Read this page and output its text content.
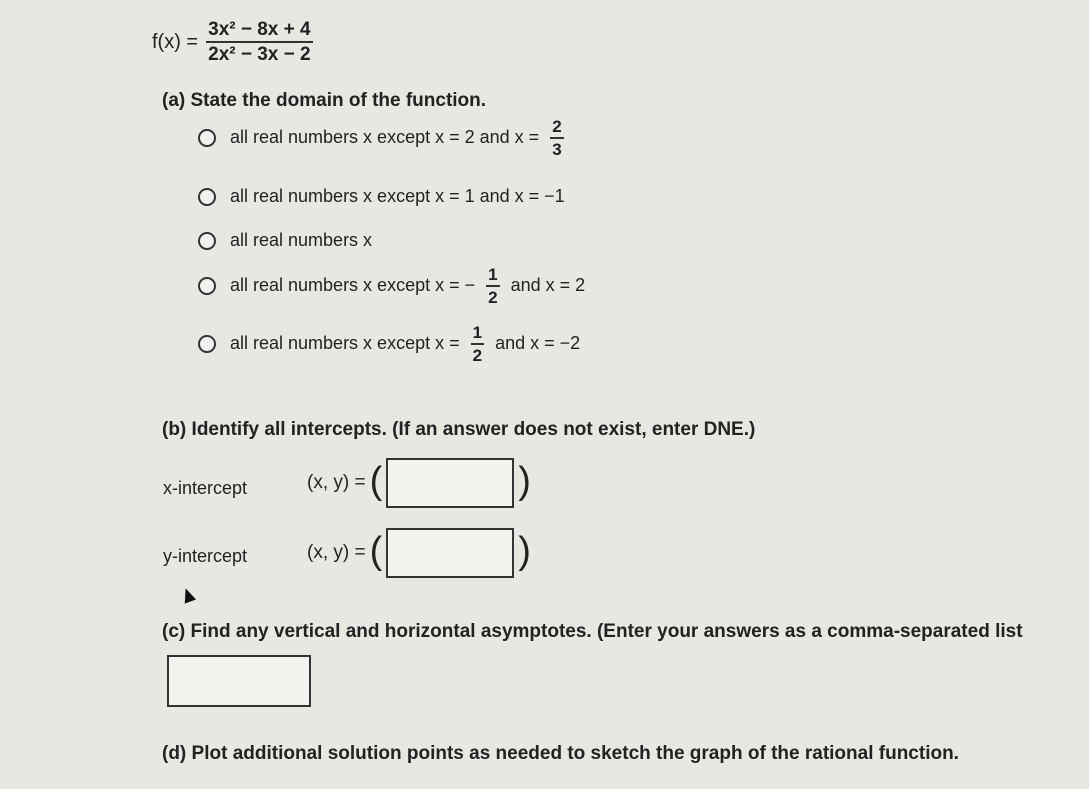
$f(x) = \frac{\text{3x² − 8x + 4}}{\text{2x² − 3x − 2}}$
(a) State the domain of the function.
all real numbers x except x = 2 and $x = \frac{2}{3}$
all real numbers x except x = 1 and x = −1
all real numbers x
all real numbers x except x = − $\frac{1}{2}$ and x = 2
all real numbers x except $x = \frac{1}{2}$ and x = −2
(b) Identify all intercepts. (If an answer does not exist, enter DNE.)
x-intercept	(x, y) = (	)
y-intercept	(x, y) = (	)
(c) Find any vertical and horizontal asymptotes. (Enter your answers as a comma-separated list
(d) Plot additional solution points as needed to sketch the graph of the rational function.
